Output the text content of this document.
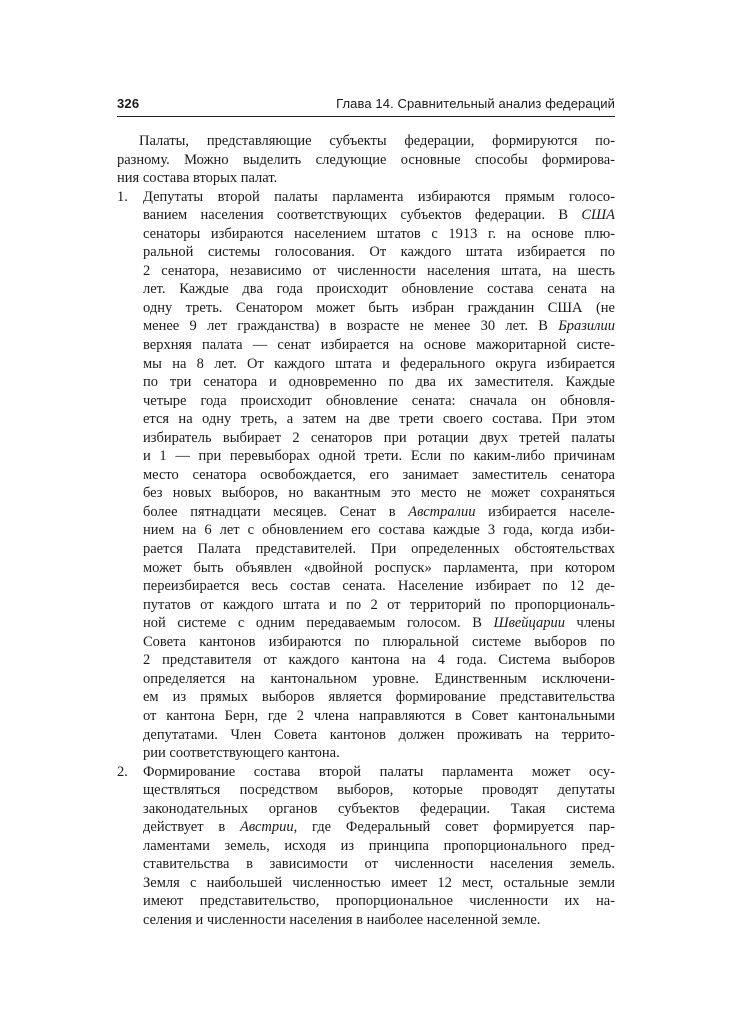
326	Глава 14. Сравнительный анализ федераций
Палаты, представляющие субъекты федерации, формируются по-
разному. Можно выделить следующие основные способы формирова-
ния состава вторых палат.
1.	Депутаты второй палаты парламента избираются прямым голосо-
ванием населения соответствующих субъектов федерации. В США
сенаторы избираются населением штатов с 1913 г. на основе плю-
ральной системы голосования. От каждого штата избирается по
2 сенатора, независимо от численности населения штата, на шесть
лет. Каждые два года происходит обновление состава сената на
одну треть. Сенатором может быть избран гражданин США (не
менее 9 лет гражданства) в возрасте не менее 30 лет. В Бразилии
верхняя палата — сенат избирается на основе мажоритарной систе-
мы на 8 лет. От каждого штата и федерального округа избирается
по три сенатора и одновременно по два их заместителя. Каждые
четыре года происходит обновление сената: сначала он обновля-
ется на одну треть, а затем на две трети своего состава. При этом
избиратель выбирает 2 сенаторов при ротации двух третей палаты
и 1 — при перевыборах одной трети. Если по каким-либо причинам
место сенатора освобождается, его занимает заместитель сенатора
без новых выборов, но вакантным это место не может сохраняться
более пятнадцати месяцев. Сенат в Австралии избирается населе-
нием на 6 лет с обновлением его состава каждые 3 года, когда изби-
рается Палата представителей. При определенных обстоятельствах
может быть объявлен «двойной роспуск» парламента, при котором
переизбирается весь состав сената. Население избирает по 12 де-
путатов от каждого штата и по 2 от территорий по пропорциональ-
ной системе с одним передаваемым голосом. В Швейцарии члены
Совета кантонов избираются по плюральной системе выборов по
2 представителя от каждого кантона на 4 года. Система выборов
определяется на кантональном уровне. Единственным исключени-
ем из прямых выборов является формирование представительства
от кантона Берн, где 2 члена направляются в Совет кантональными
депутатами. Член Совета кантонов должен проживать на террито-
рии соответствующего кантона.
2.	Формирование состава второй палаты парламента может осу-
ществляться посредством выборов, которые проводят депутаты
законодательных органов субъектов федерации. Такая система
действует в Австрии, где Федеральный совет формируется пар-
ламентами земель, исходя из принципа пропорционального пред-
ставительства в зависимости от численности населения земель.
Земля с наибольшей численностью имеет 12 мест, остальные земли
имеют представительство, пропорциональное численности их на-
селения и численности населения в наиболее населенной земле.
